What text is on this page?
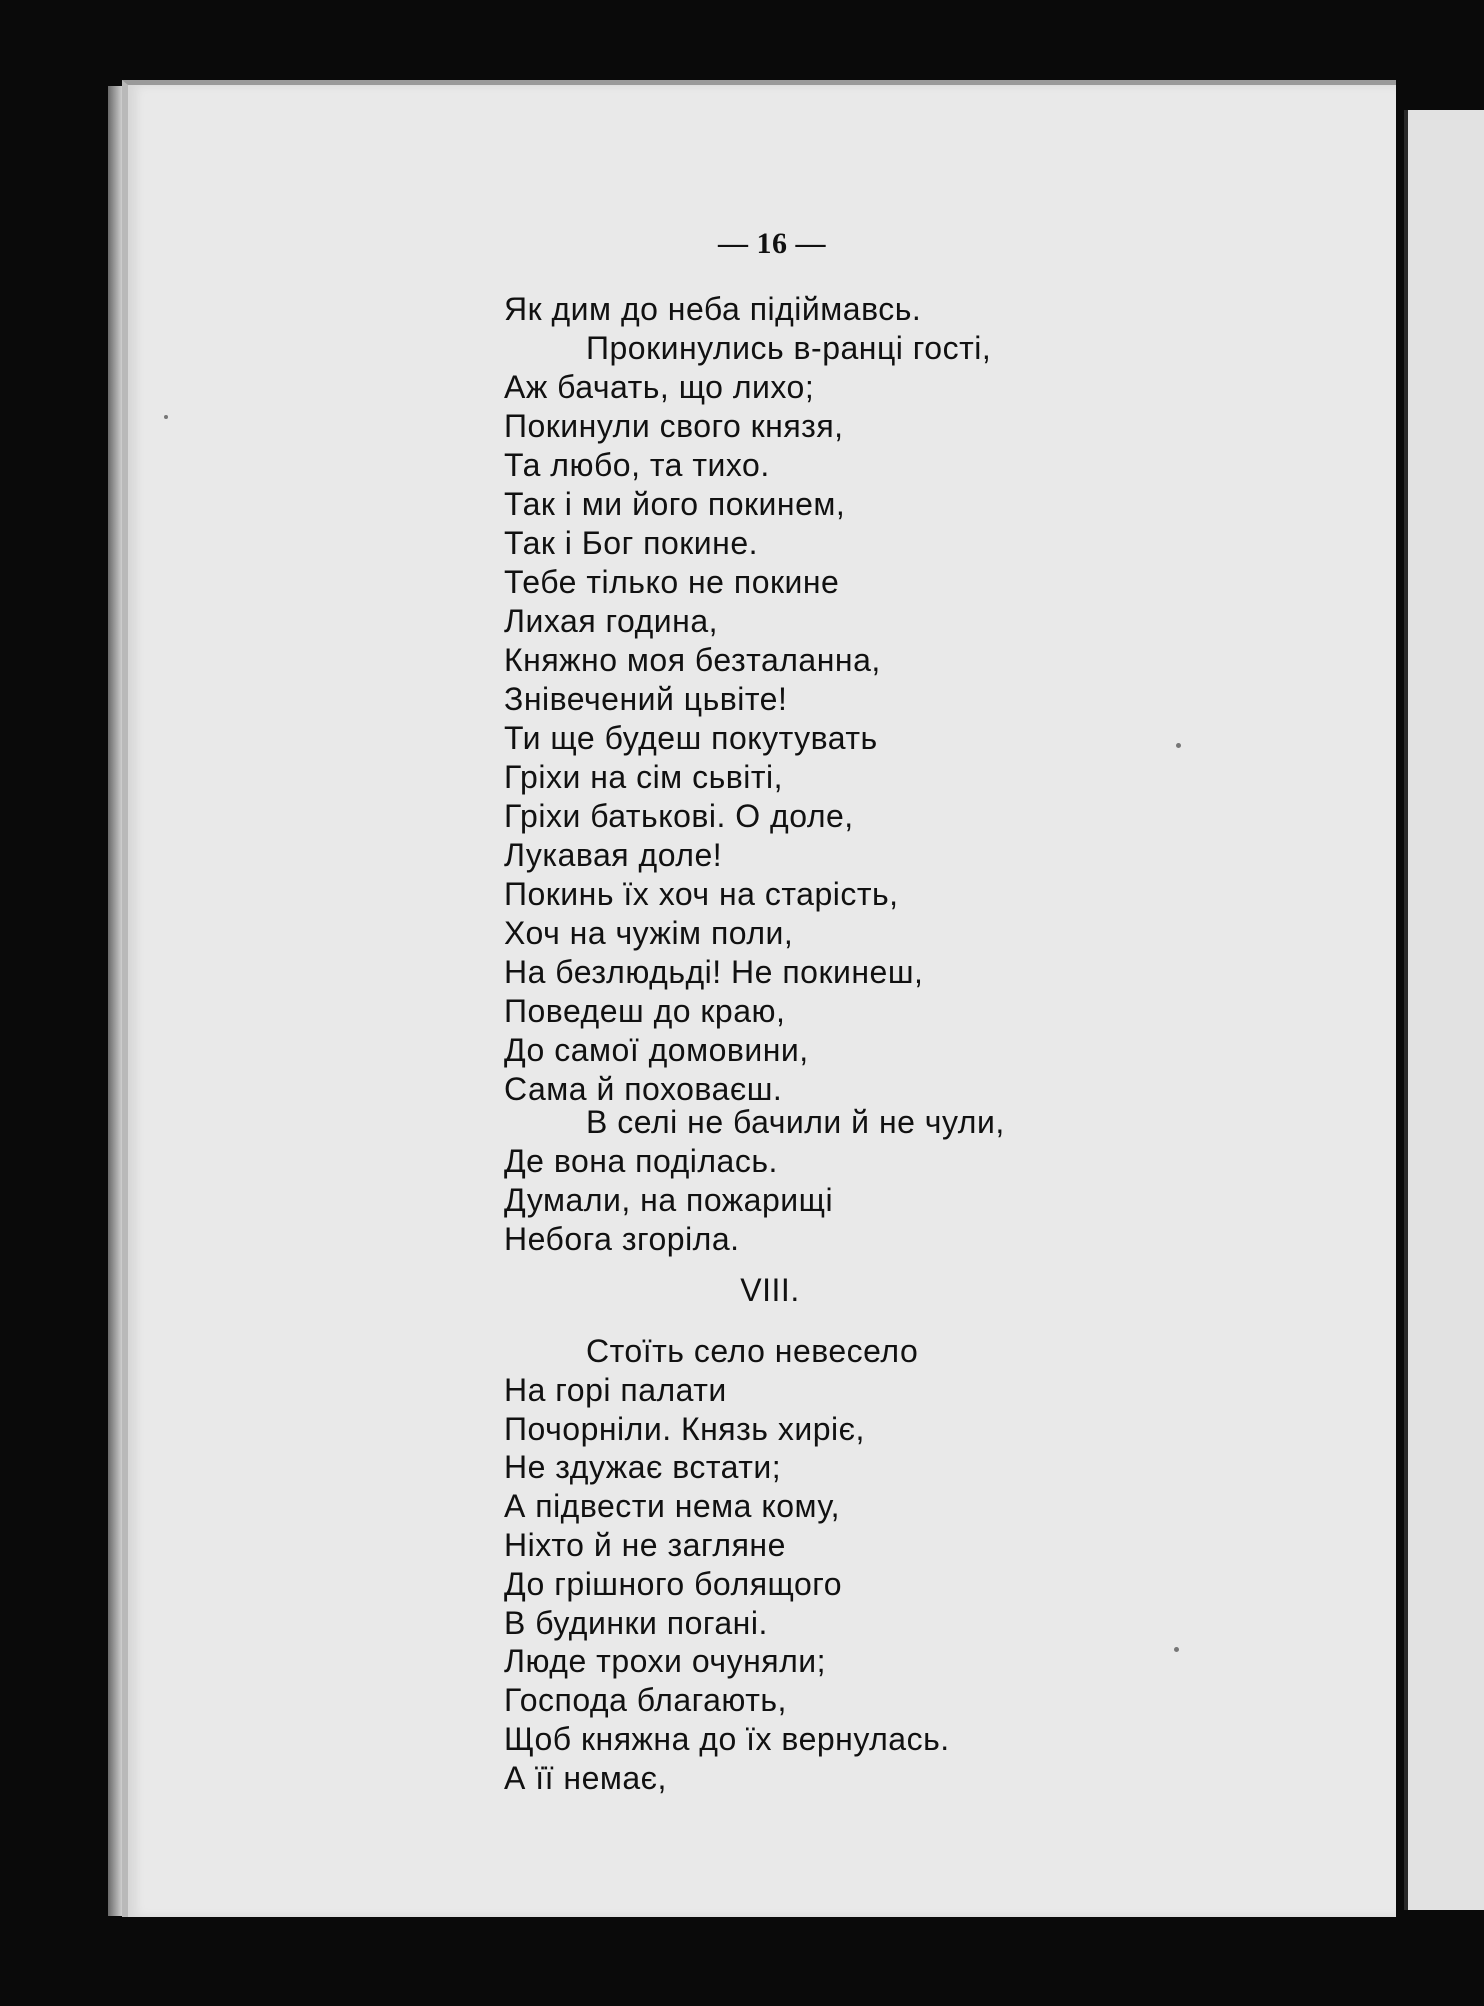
— 16 —
Як дим до неба підіймавсь.
Прокинулись в-ранці гості,
Аж бачать, що лихо;
Покинули свого князя,
Та любо, та тихо.
Так і ми його покинем,
Так і Бог покине.
Тебе тілько не покине
Лихая година,
Княжно моя безталанна,
Знівечений цьвіте!
Ти ще будеш покутувать
Гріхи на сім сьвіті,
Гріхи батькові. О доле,
Лукавая доле!
Покинь їх хоч на старість,
Хоч на чужім поли,
На безлюдьді! Не покинеш,
Поведеш до краю,
До самої домовини,
Сама й поховаєш.
В селі не бачили й не чули,
Де вона поділась.
Думали, на пожарищі
Небога згоріла.
VIII.
Стоїть село невесело
На горі палати
Почорніли. Князь хиріє,
Не здужає встати;
А підвести нема кому,
Ніхто й не загляне
До грішного болящого
В будинки погані.
Люде трохи очуняли;
Господа благають,
Щоб княжна до їх вернулась.
А її немає,
